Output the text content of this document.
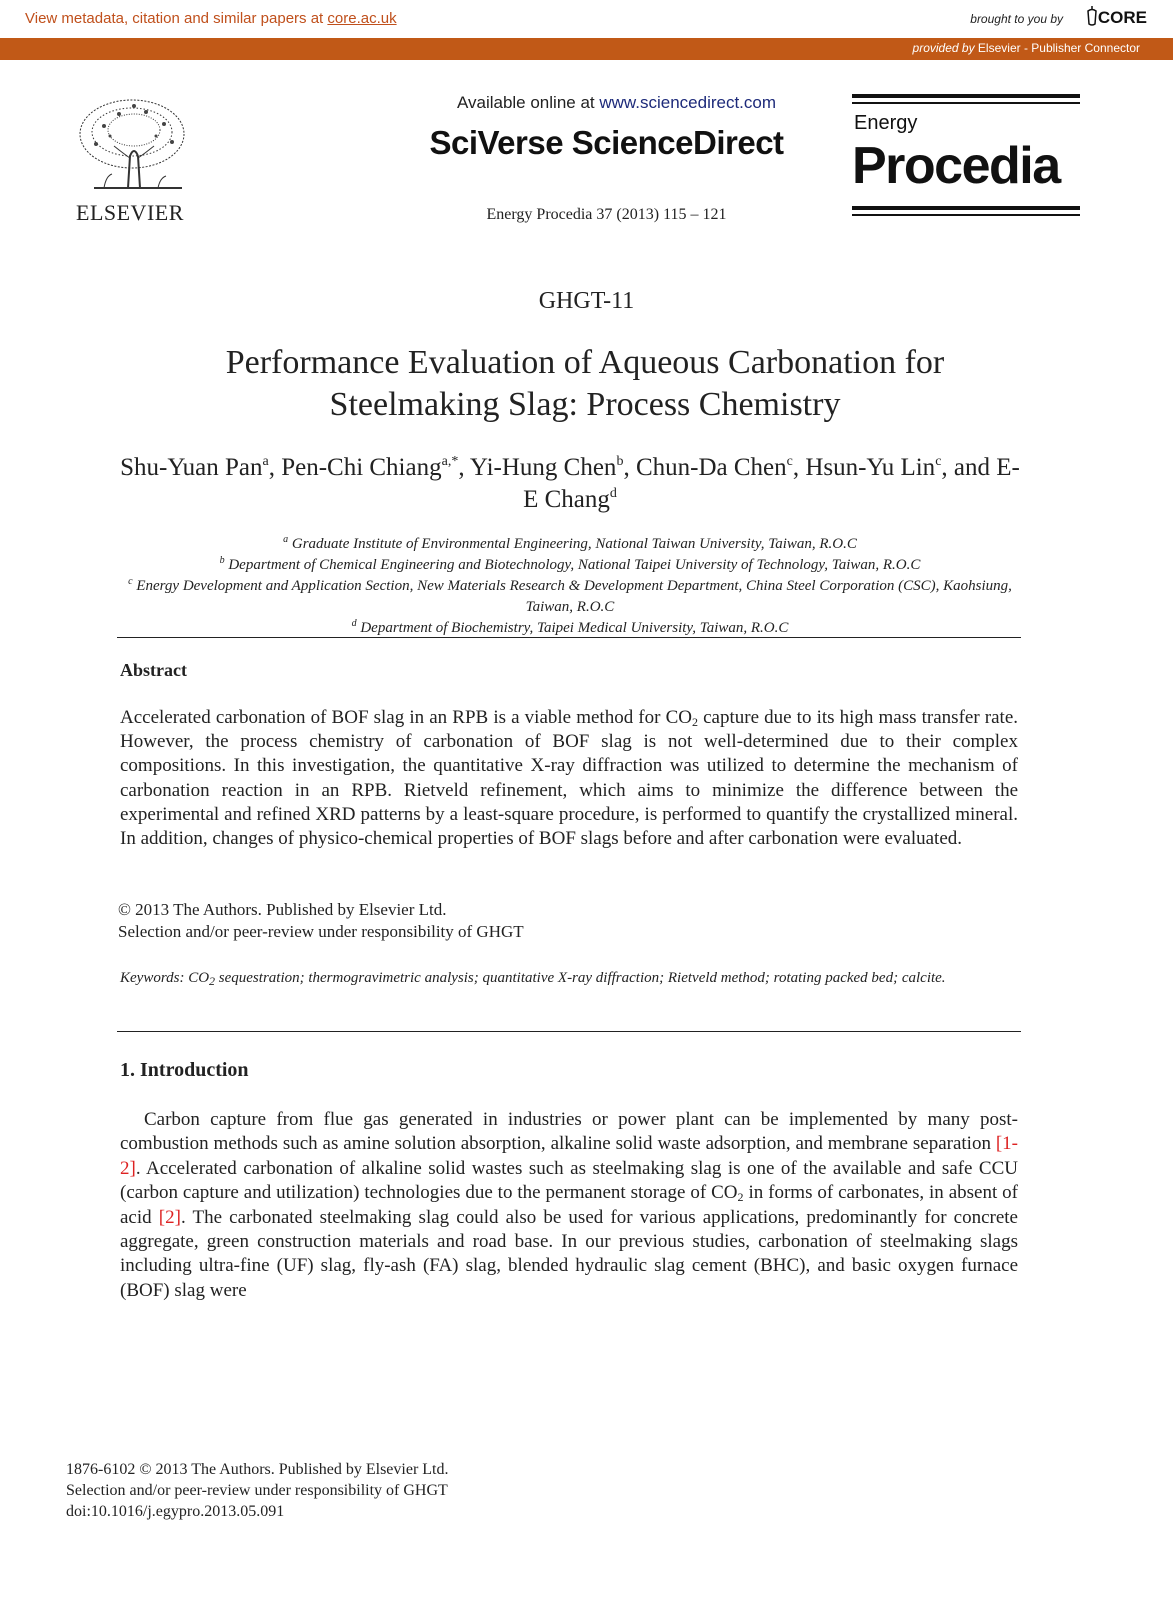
View metadata, citation and similar papers at core.ac.uk	brought to you by CORE
provided by Elsevier - Publisher Connector
ELSEVIER
Available online at www.sciencedirect.com
SciVerse ScienceDirect
Energy Procedia 37 (2013) 115 – 121
Energy
Procedia
GHGT-11
Performance Evaluation of Aqueous Carbonation for
Steelmaking Slag: Process Chemistry
Shu-Yuan Pan$^a$, Pen-Chi Chiang$^{a,*}$, Yi-Hung Chen$^b$, Chun-Da Chen$^c$, Hsun-Yu Lin$^c$, and E-E Chang$^d$
$^a$ Graduate Institute of Environmental Engineering, National Taiwan University, Taiwan, R.O.C
$^b$ Department of Chemical Engineering and Biotechnology, National Taipei University of Technology, Taiwan, R.O.C
$^c$ Energy Development and Application Section, New Materials Research & Development Department, China Steel Corporation (CSC), Kaohsiung, Taiwan, R.O.C
$^d$ Department of Biochemistry, Taipei Medical University, Taiwan, R.O.C
Abstract
Accelerated carbonation of BOF slag in an RPB is a viable method for $CO_2$ capture due to its high mass transfer rate. However, the process chemistry of carbonation of BOF slag is not well-determined due to their complex compositions. In this investigation, the quantitative X-ray diffraction was utilized to determine the mechanism of carbonation reaction in an RPB. Rietveld refinement, which aims to minimize the difference between the experimental and refined XRD patterns by a least-square procedure, is performed to quantify the crystallized mineral. In addition, changes of physico-chemical properties of BOF slags before and after carbonation were evaluated.
© 2013 The Authors. Published by Elsevier Ltd.
Selection and/or peer-review under responsibility of GHGT
Keywords: $CO_2$ sequestration; thermogravimetric analysis; quantitative X-ray diffraction; Rietveld method; rotating packed bed; calcite.
1. Introduction
Carbon capture from flue gas generated in industries or power plant can be implemented by many post-combustion methods such as amine solution absorption, alkaline solid waste adsorption, and membrane separation [1-2]. Accelerated carbonation of alkaline solid wastes such as steelmaking slag is one of the available and safe CCU (carbon capture and utilization) technologies due to the permanent storage of $CO_2$ in forms of carbonates, in absent of acid [2]. The carbonated steelmaking slag could also be used for various applications, predominantly for concrete aggregate, green construction materials and road base. In our previous studies, carbonation of steelmaking slags including ultra-fine (UF) slag, fly-ash (FA) slag, blended hydraulic slag cement (BHC), and basic oxygen furnace (BOF) slag were
1876-6102 © 2013 The Authors. Published by Elsevier Ltd.
Selection and/or peer-review under responsibility of GHGT
doi:10.1016/j.egypro.2013.05.091
